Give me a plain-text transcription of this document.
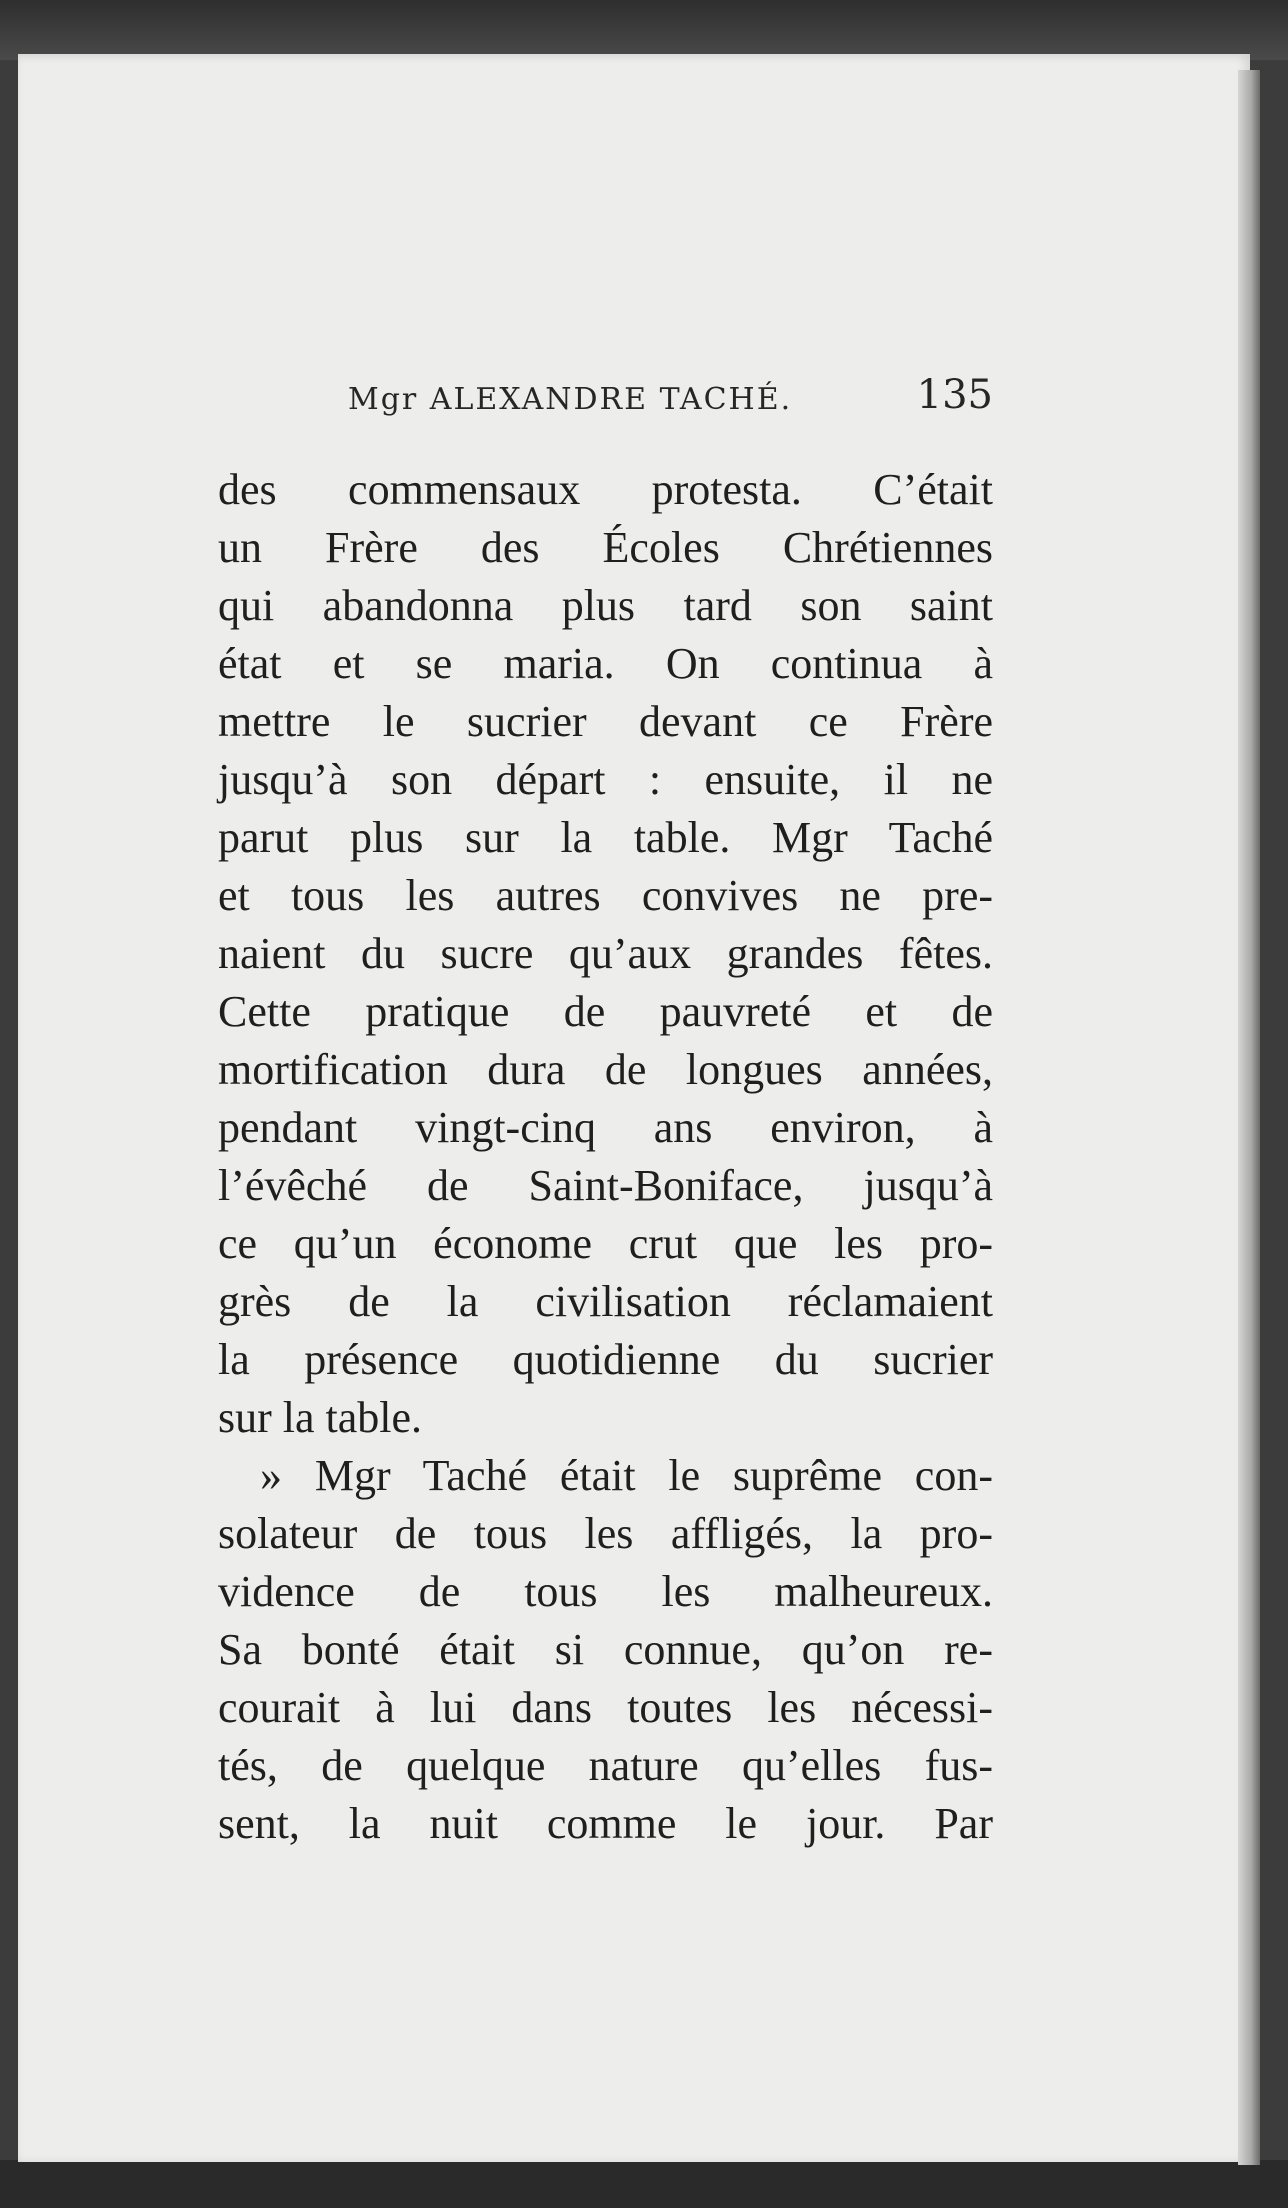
Mgr ALEXANDRE TACHÉ.	135
des commensaux protesta. C’était
un Frère des Écoles Chrétiennes
qui abandonna plus tard son saint
état et se maria. On continua à
mettre le sucrier devant ce Frère
jusqu’à son départ : ensuite, il ne
parut plus sur la table. Mgr Taché
et tous les autres convives ne pre-
naient du sucre qu’aux grandes fêtes.
Cette pratique de pauvreté et de
mortification dura de longues années,
pendant vingt-cinq ans environ, à
l’évêché de Saint-Boniface, jusqu’à
ce qu’un économe crut que les pro-
grès de la civilisation réclamaient
la présence quotidienne du sucrier
sur la table.
» Mgr Taché était le suprême con-
solateur de tous les affligés, la pro-
vidence de tous les malheureux.
Sa bonté était si connue, qu’on re-
courait à lui dans toutes les nécessi-
tés, de quelque nature qu’elles fus-
sent, la nuit comme le jour. Par
